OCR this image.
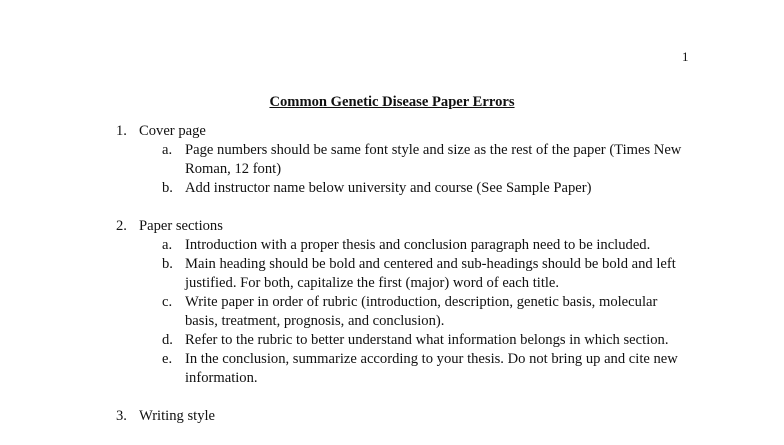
1
Common Genetic Disease Paper Errors
1. Cover page
a. Page numbers should be same font style and size as the rest of the paper (Times New Roman, 12 font)
b. Add instructor name below university and course (See Sample Paper)
2. Paper sections
a. Introduction with a proper thesis and conclusion paragraph need to be included.
b. Main heading should be bold and centered and sub-headings should be bold and left justified. For both, capitalize the first (major) word of each title.
c. Write paper in order of rubric (introduction, description, genetic basis, molecular basis, treatment, prognosis, and conclusion).
d. Refer to the rubric to better understand what information belongs in which section.
e. In the conclusion, summarize according to your thesis. Do not bring up and cite new information.
3. Writing style
